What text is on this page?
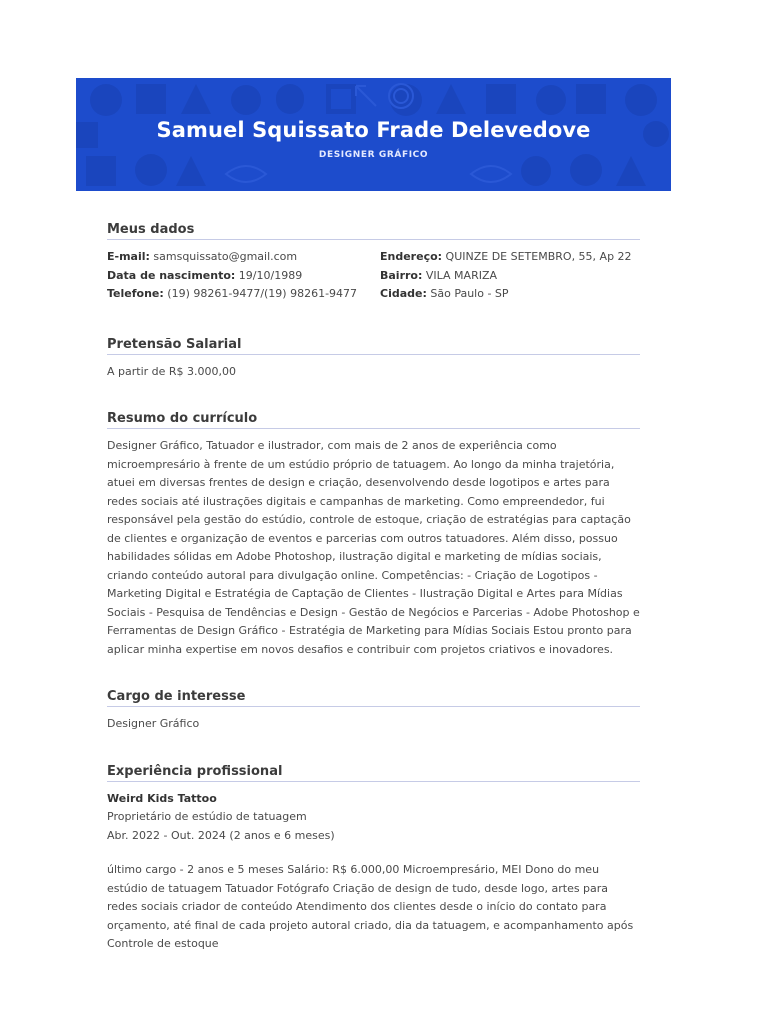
Samuel Squissato Frade Delevedove
DESIGNER GRÁFICO
Meus dados
E-mail: samsquissato@gmail.com
Data de nascimento: 19/10/1989
Telefone: (19) 98261-9477/(19) 98261-9477
Endereço: QUINZE DE SETEMBRO, 55, Ap 22
Bairro: VILA MARIZA
Cidade: São Paulo - SP
Pretensão Salarial
A partir de R$ 3.000,00
Resumo do currículo
Designer Gráfico, Tatuador e ilustrador, com mais de 2 anos de experiência como microempresário à frente de um estúdio próprio de tatuagem. Ao longo da minha trajetória, atuei em diversas frentes de design e criação, desenvolvendo desde logotipos e artes para redes sociais até ilustrações digitais e campanhas de marketing. Como empreendedor, fui responsável pela gestão do estúdio, controle de estoque, criação de estratégias para captação de clientes e organização de eventos e parcerias com outros tatuadores. Além disso, possuo habilidades sólidas em Adobe Photoshop, ilustração digital e marketing de mídias sociais, criando conteúdo autoral para divulgação online. Competências: - Criação de Logotipos - Marketing Digital e Estratégia de Captação de Clientes - Ilustração Digital e Artes para Mídias Sociais - Pesquisa de Tendências e Design - Gestão de Negócios e Parcerias - Adobe Photoshop e Ferramentas de Design Gráfico - Estratégia de Marketing para Mídias Sociais Estou pronto para aplicar minha expertise em novos desafios e contribuir com projetos criativos e inovadores.
Cargo de interesse
Designer Gráfico
Experiência profissional
Weird Kids Tattoo
Proprietário de estúdio de tatuagem
Abr. 2022 - Out. 2024 (2 anos e 6 meses)
último cargo - 2 anos e 5 meses Salário: R$ 6.000,00 Microempresário, MEI Dono do meu estúdio de tatuagem Tatuador Fotógrafo Criação de design de tudo, desde logo, artes para redes sociais criador de conteúdo Atendimento dos clientes desde o início do contato para orçamento, até final de cada projeto autoral criado, dia da tatuagem, e acompanhamento após Controle de estoque
